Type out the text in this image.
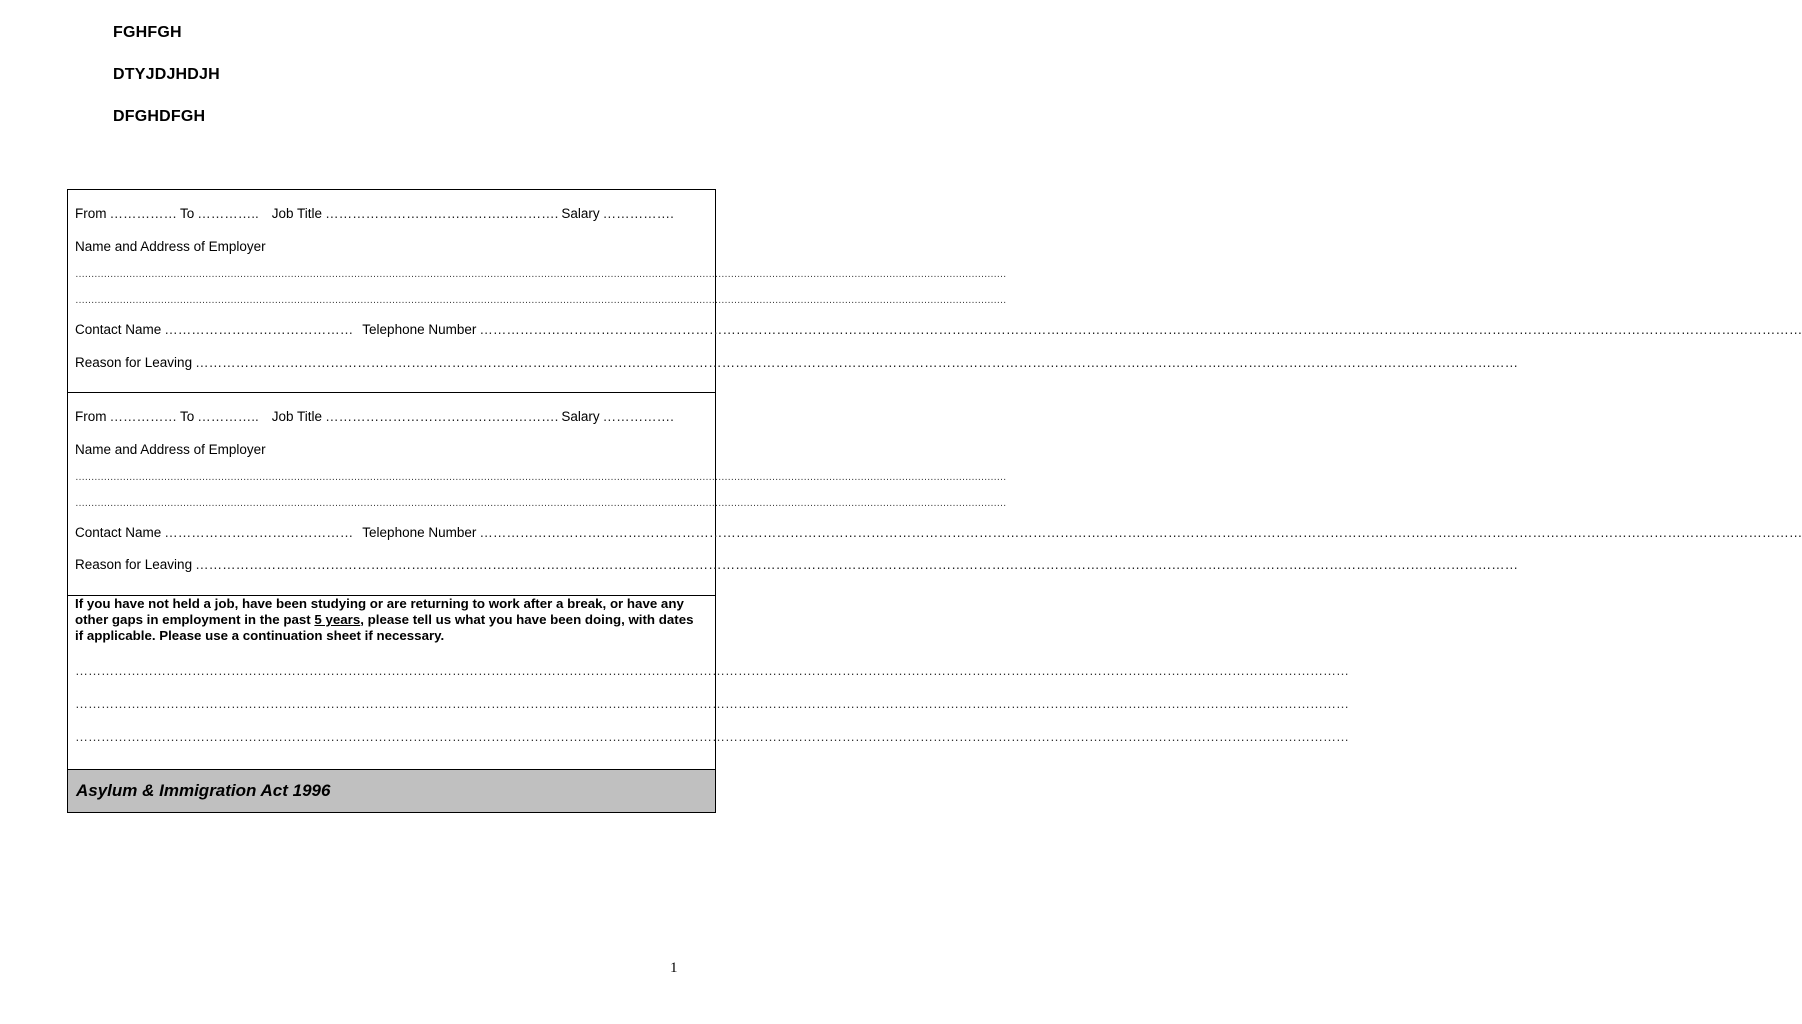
FGHFGH
DTYJDJHDJH
DFGHDFGH
From …………… To ………….. Job Title ……………………………………………. Salary …………….
Name and Address of Employer
……………………………………………………………………………………………………………………………………………………………………………………………………………………………………………………………………
……………………………………………………………………………………………………………………………………………………………………………………………………………………………………………………………………
Contact Name …………………………………… Telephone Number ……………………………………………………………………………………………………………………………………………………………………………………………………………………………………………………………………
Reason for Leaving ……………………………………………………………………………………………………………………………………………………………………………………………………………………………………………………………………
From …………… To ………….. Job Title ……………………………………………. Salary …………….
Name and Address of Employer
……………………………………………………………………………………………………………………………………………………………………………………………………………………………………………………………………
……………………………………………………………………………………………………………………………………………………………………………………………………………………………………………………………………
Contact Name …………………………………… Telephone Number ……………………………………………………………………………………………………………………………………………………………………………………………………………………………………………………………………
Reason for Leaving ……………………………………………………………………………………………………………………………………………………………………………………………………………………………………………………………………
If you have not held a job, have been studying or are returning to work after a break, or have any other gaps in employment in the past 5 years, please tell us what you have been doing, with dates if applicable. Please use a continuation sheet if necessary.
……………………………………………………………………………………………………………………………………………………………………………………………………………………………………………………………………
……………………………………………………………………………………………………………………………………………………………………………………………………………………………………………………………………
……………………………………………………………………………………………………………………………………………………………………………………………………………………………………………………………………
Asylum & Immigration Act 1996
1
